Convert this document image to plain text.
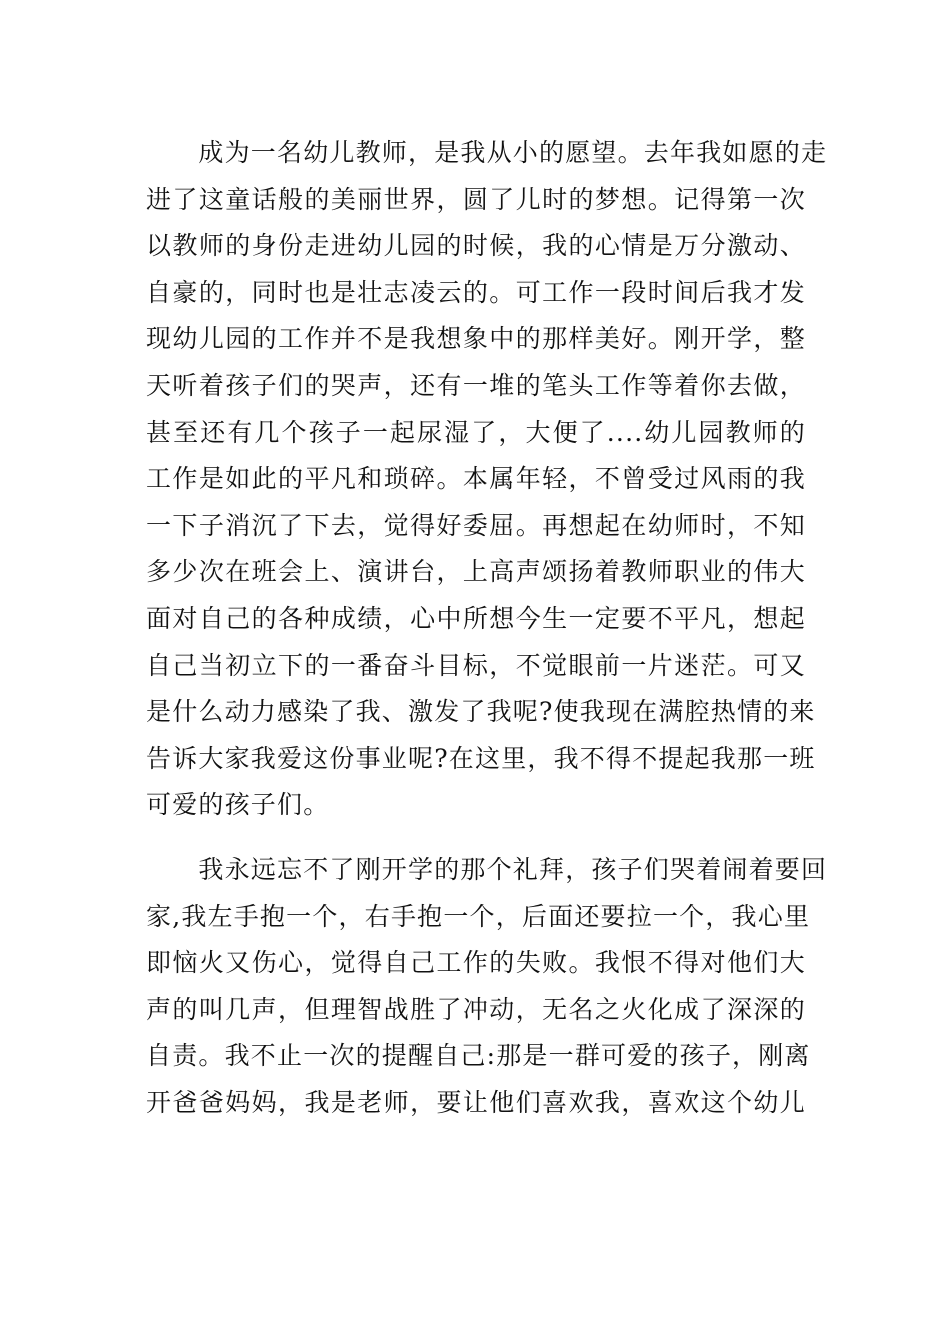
　　成为一名幼儿教师，是我从小的愿望。去年我如愿的走
进了这童话般的美丽世界，圆了儿时的梦想。记得第一次
以教师的身份走进幼儿园的时候，我的心情是万分激动、
自豪的，同时也是壮志凌云的。可工作一段时间后我才发
现幼儿园的工作并不是我想象中的那样美好。刚开学，整
天听着孩子们的哭声，还有一堆的笔头工作等着你去做，
甚至还有几个孩子一起尿湿了，大便了....幼儿园教师的
工作是如此的平凡和琐碎。本属年轻，不曾受过风雨的我
一下子消沉了下去，觉得好委屈。再想起在幼师时，不知
多少次在班会上、演讲台，上高声颂扬着教师职业的伟大
面对自己的各种成绩，心中所想今生一定要不平凡，想起
自己当初立下的一番奋斗目标，不觉眼前一片迷茫。可又
是什么动力感染了我、激发了我呢?使我现在满腔热情的来
告诉大家我爱这份事业呢?在这里，我不得不提起我那一班
可爱的孩子们。
　　我永远忘不了刚开学的那个礼拜，孩子们哭着闹着要回
家,我左手抱一个，右手抱一个，后面还要拉一个，我心里
即恼火又伤心，觉得自己工作的失败。我恨不得对他们大
声的叫几声，但理智战胜了冲动，无名之火化成了深深的
自责。我不止一次的提醒自己:那是一群可爱的孩子，刚离
开爸爸妈妈，我是老师，要让他们喜欢我，喜欢这个幼儿
